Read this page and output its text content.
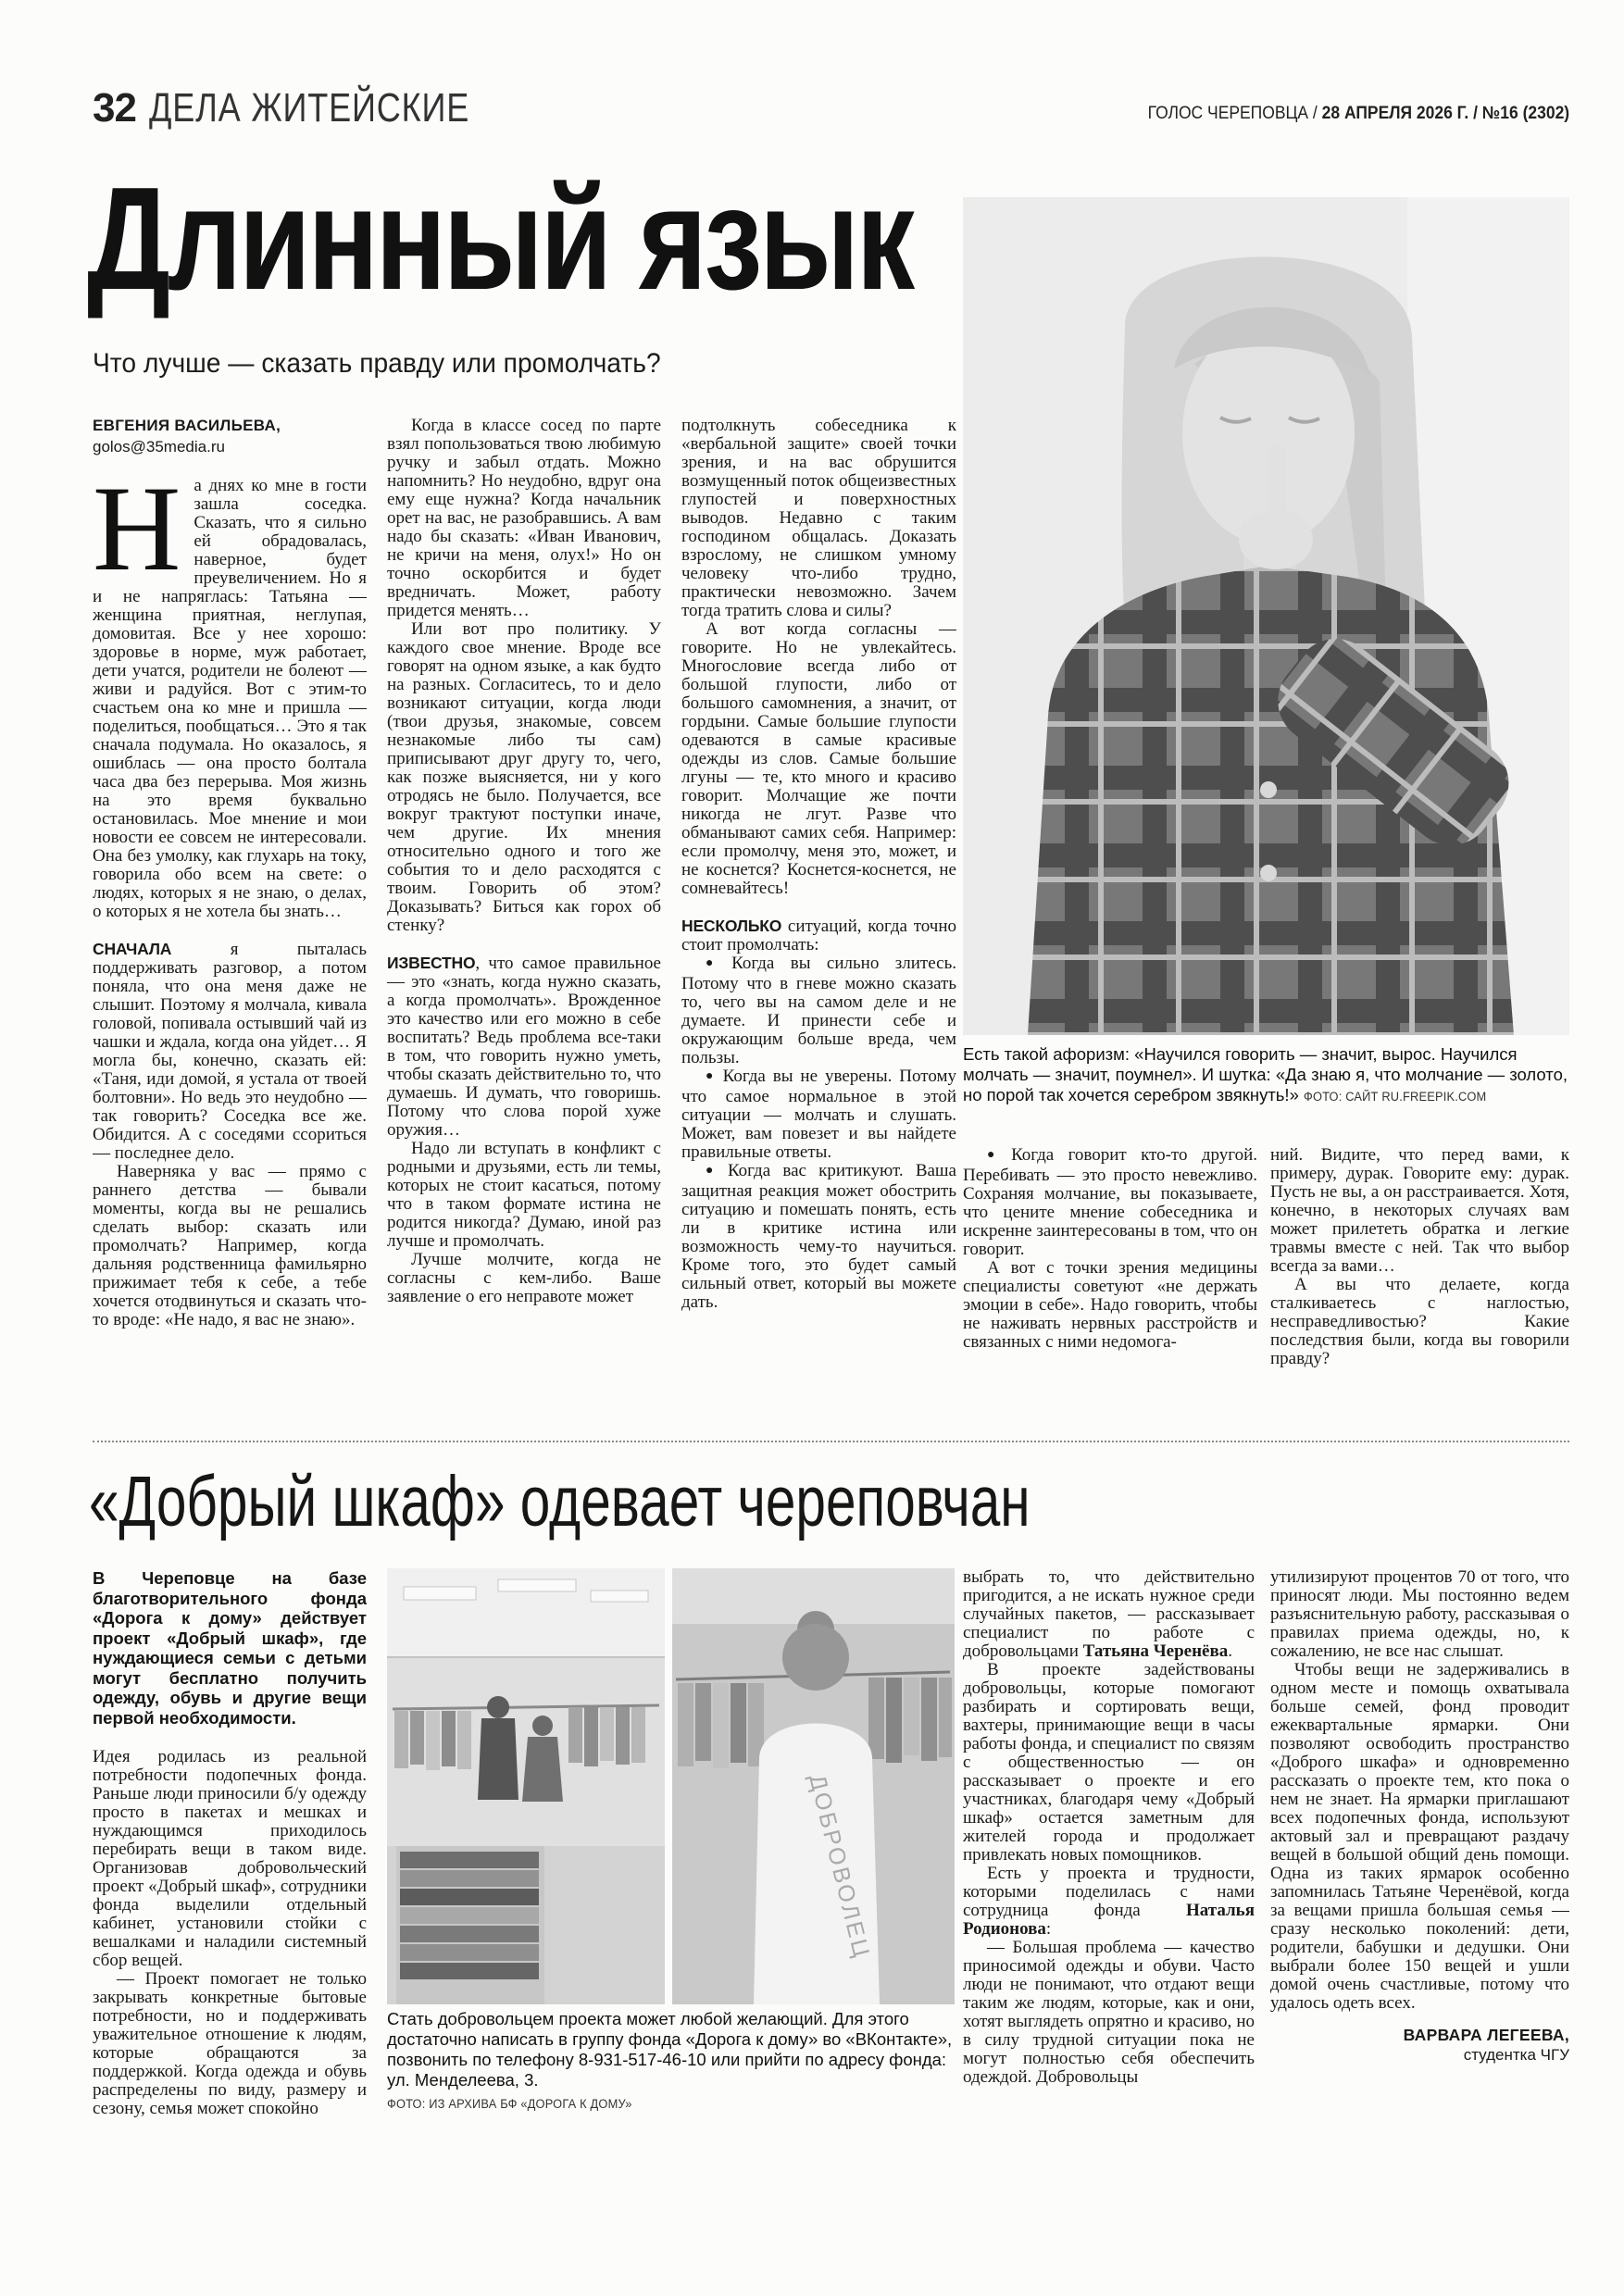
32 ДЕЛА ЖИТЕЙСКИЕ	ГОЛОС ЧЕРЕПОВЦА / 28 АПРЕЛЯ 2026 Г. / №16 (2302)
Длинный язык
Что лучше — сказать правду или промолчать?
ЕВГЕНИЯ ВАСИЛЬЕВА,
golos@35media.ru

На днях ко мне в гости зашла соседка. Сказать, что я сильно ей обрадовалась, наверное, будет преувеличением. Но я и не напряглась: Татьяна — женщина приятная, неглупая, домовитая. Все у нее хорошо: здоровье в норме, муж работает, дети учатся, родители не болеют — живи и радуйся. Вот с этим-то счастьем она ко мне и пришла — поделиться, пообщаться… Это я так сначала подумала. Но оказалось, я ошиблась — она просто болтала часа два без перерыва. Моя жизнь на это время буквально остановилась. Мое мнение и мои новости ее совсем не интересовали. Она без умолку, как глухарь на току, говорила обо всем на свете: о людях, которых я не знаю, о делах, о которых я не хотела бы знать…

СНАЧАЛА я пыталась поддерживать разговор, а потом поняла, что она меня даже не слышит. Поэтому я молчала, кивала головой, попивала остывший чай из чашки и ждала, когда она уйдет… Я могла бы, конечно, сказать ей: «Таня, иди домой, я устала от твоей болтовни». Но ведь это неудобно — так говорить? Соседка все же. Обидится. А с соседями ссориться — последнее дело.

Наверняка у вас — прямо с раннего детства — бывали моменты, когда вы не решались сделать выбор: сказать или промолчать? Например, когда дальняя родственница фамильярно прижимает тебя к себе, а тебе хочется отодвинуться и сказать что-то вроде: «Не надо, я вас не знаю».

Когда в классе сосед по парте взял попользоваться твою любимую ручку и забыл отдать. Можно напомнить? Но неудобно, вдруг она ему еще нужна? Когда начальник орет на вас, не разобравшись. А вам надо бы сказать: «Иван Иванович, не кричи на меня, олух!» Но он точно оскорбится и будет вредничать. Может, работу придется менять…

Или вот про политику. У каждого свое мнение. Вроде все говорят на одном языке, а как будто на разных. Согласитесь, то и дело возникают ситуации, когда люди (твои друзья, знакомые, совсем незнакомые либо ты сам) приписывают друг другу то, чего, как позже выясняется, ни у кого отродясь не было. Получается, все вокруг трактуют поступки иначе, чем другие. Их мнения относительно одного и того же события то и дело расходятся с твоим. Говорить об этом? Доказывать? Биться как горох об стенку?

ИЗВЕСТНО, что самое правильное — это «знать, когда нужно сказать, а когда промолчать». Врожденное это качество или его можно в себе воспитать? Ведь проблема все-таки в том, что говорить нужно уметь, чтобы сказать действительно то, что думаешь. И думать, что говоришь. Потому что слова порой хуже оружия…

Надо ли вступать в конфликт с родными и друзьями, есть ли темы, которых не стоит касаться, потому что в таком формате истина не родится никогда? Думаю, иной раз лучше и промолчать.

Лучше молчите, когда не согласны с кем-либо. Ваше заявление о его неправоте может

подтолкнуть собеседника к «вербальной защите» своей точки зрения, и на вас обрушится возмущенный поток общеизвестных глупостей и поверхностных выводов. Недавно с таким господином общалась. Доказать взрослому, не слишком умному человеку что-либо трудно, практически невозможно. Зачем тогда тратить слова и силы?

А вот когда согласны — говорите. Но не увлекайтесь. Многословие всегда либо от большой глупости, либо от большого самомнения, а значит, от гордыни. Самые большие глупости одеваются в самые красивые одежды из слов. Самые большие лгуны — те, кто много и красиво говорит. Молчащие же почти никогда не лгут. Разве что обманывают самих себя. Например: если промолчу, меня это, может, и не коснется? Коснется-коснется, не сомневайтесь!

НЕСКОЛЬКО ситуаций, когда точно стоит промолчать:

● Когда вы сильно злитесь. Потому что в гневе можно сказать то, чего вы на самом деле и не думаете. И принести себе и окружающим больше вреда, чем пользы.

● Когда вы не уверены. Потому что самое нормальное в этой ситуации — молчать и слушать. Может, вам повезет и вы найдете правильные ответы.

● Когда вас критикуют. Ваша защитная реакция может обострить ситуацию и помешать понять, есть ли в критике истина или возможность чему-то научиться. Кроме того, это будет самый сильный ответ, который вы можете дать.

Есть такой афоризм: «Научился говорить — значит, вырос. Научился молчать — значит, поумнел». И шутка: «Да знаю я, что молчание — золото, но порой так хочется серебром звякнуть!» ФОТО: САЙТ RU.FREEPIK.COM

● Когда говорит кто-то другой. Перебивать — это просто невежливо. Сохраняя молчание, вы показываете, что цените мнение собеседника и искренне заинтересованы в том, что он говорит.

А вот с точки зрения медицины специалисты советуют «не держать эмоции в себе». Надо говорить, чтобы не наживать нервных расстройств и связанных с ними недомога-

ний. Видите, что перед вами, к примеру, дурак. Говорите ему: дурак. Пусть не вы, а он расстраивается. Хотя, конечно, в некоторых случаях вам может прилететь обратка и легкие травмы вместе с ней. Так что выбор всегда за вами…

А вы что делаете, когда сталкиваетесь с наглостью, несправедливостью? Какие последствия были, когда вы говорили правду?

«Добрый шкаф» одевает череповчан
В Череповце на базе благотворительного фонда «Дорога к дому» действует проект «Добрый шкаф», где нуждающиеся семьи с детьми могут бесплатно получить одежду, обувь и другие вещи первой необходимости.

Идея родилась из реальной потребности подопечных фонда. Раньше люди приносили б/у одежду просто в пакетах и мешках и нуждающимся приходилось перебирать вещи в таком виде. Организовав добровольческий проект «Добрый шкаф», сотрудники фонда выделили отдельный кабинет, установили стойки с вешалками и наладили системный сбор вещей.

— Проект помогает не только закрывать конкретные бытовые потребности, но и поддерживать уважительное отношение к людям, которые обращаются за поддержкой. Когда одежда и обувь распределены по виду, размеру и сезону, семья может спокойно

ДОБРОВОЛЕЦ
Стать добровольцем проекта может любой желающий. Для этого достаточно написать в группу фонда «Дорога к дому» во «ВКонтакте», позвонить по телефону 8-931-517-46-10 или прийти по адресу фонда: ул. Менделеева, 3.
ФОТО: ИЗ АРХИВА БФ «ДОРОГА К ДОМУ»

выбрать то, что действительно пригодится, а не искать нужное среди случайных пакетов, — рассказывает специалист по работе с добровольцами Татьяна Черенёва.

В проекте задействованы добровольцы, которые помогают разбирать и сортировать вещи, вахтеры, принимающие вещи в часы работы фонда, и специалист по связям с общественностью — он рассказывает о проекте и его участниках, благодаря чему «Добрый шкаф» остается заметным для жителей города и продолжает привлекать новых помощников.

Есть у проекта и трудности, которыми поделилась с нами сотрудница фонда Наталья Родионова:

— Большая проблема — качество приносимой одежды и обуви. Часто люди не понимают, что отдают вещи таким же людям, которые, как и они, хотят выглядеть опрятно и красиво, но в силу трудной ситуации пока не могут полностью себя обеспечить одеждой. Добровольцы

утилизируют процентов 70 от того, что приносят люди. Мы постоянно ведем разъяснительную работу, рассказывая о правилах приема одежды, но, к сожалению, не все нас слышат.

Чтобы вещи не задерживались в одном месте и помощь охватывала больше семей, фонд проводит ежеквартальные ярмарки. Они позволяют освободить пространство «Доброго шкафа» и одновременно рассказать о проекте тем, кто пока о нем не знает. На ярмарки приглашают всех подопечных фонда, используют актовый зал и превращают раздачу вещей в большой общий день помощи. Одна из таких ярмарок особенно запомнилась Татьяне Черенёвой, когда за вещами пришла большая семья — сразу несколько поколений: дети, родители, бабушки и дедушки. Они выбрали более 150 вещей и ушли домой очень счастливые, потому что удалось одеть всех.

ВАРВАРА ЛЕГЕЕВА,
студентка ЧГУ
